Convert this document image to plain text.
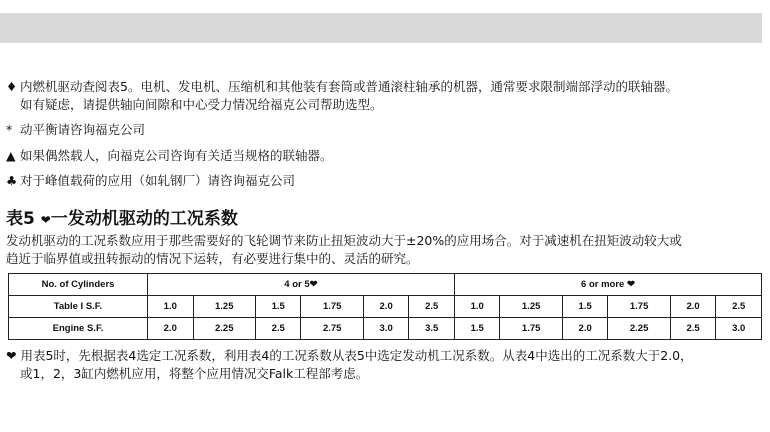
♦ 内燃机驱动查阅表5。电机、发电机、压缩机和其他装有套筒或普通滚柱轴承的机器，通常要求限制端部浮动的联轴器。
如有疑虑，请提供轴向间隙和中心受力情况给福克公司帮助选型。
* 动平衡请咨询福克公司
▲ 如果偶然载人，向福克公司咨询有关适当规格的联轴器。
♣ 对于峰值载荷的应用（如轧钢厂）请咨询福克公司
表5 ❤一发动机驱动的工况系数
发动机驱动的工况系数应用于那些需要好的飞轮调节来防止扭矩波动大于±20%的应用场合。对于减速机在扭矩波动较大或
趋近于临界值或扭转振动的情况下运转，有必要进行集中的、灵活的研究。
No. of Cylinders	4 or 5❤						6 or more ❤					
Table I S.F.	1.0	1.25	1.5	1.75	2.0	2.5	1.0	1.25	1.5	1.75	2.0	2.5
Engine S.F.	2.0	2.25	2.5	2.75	3.0	3.5	1.5	1.75	2.0	2.25	2.5	3.0
❤ 用表5时，先根据表4选定工况系数，利用表4的工况系数从表5中选定发动机工况系数。从表4中选出的工况系数大于2.0，
或1，2，3缸内燃机应用，将整个应用情况交Falk工程部考虑。
